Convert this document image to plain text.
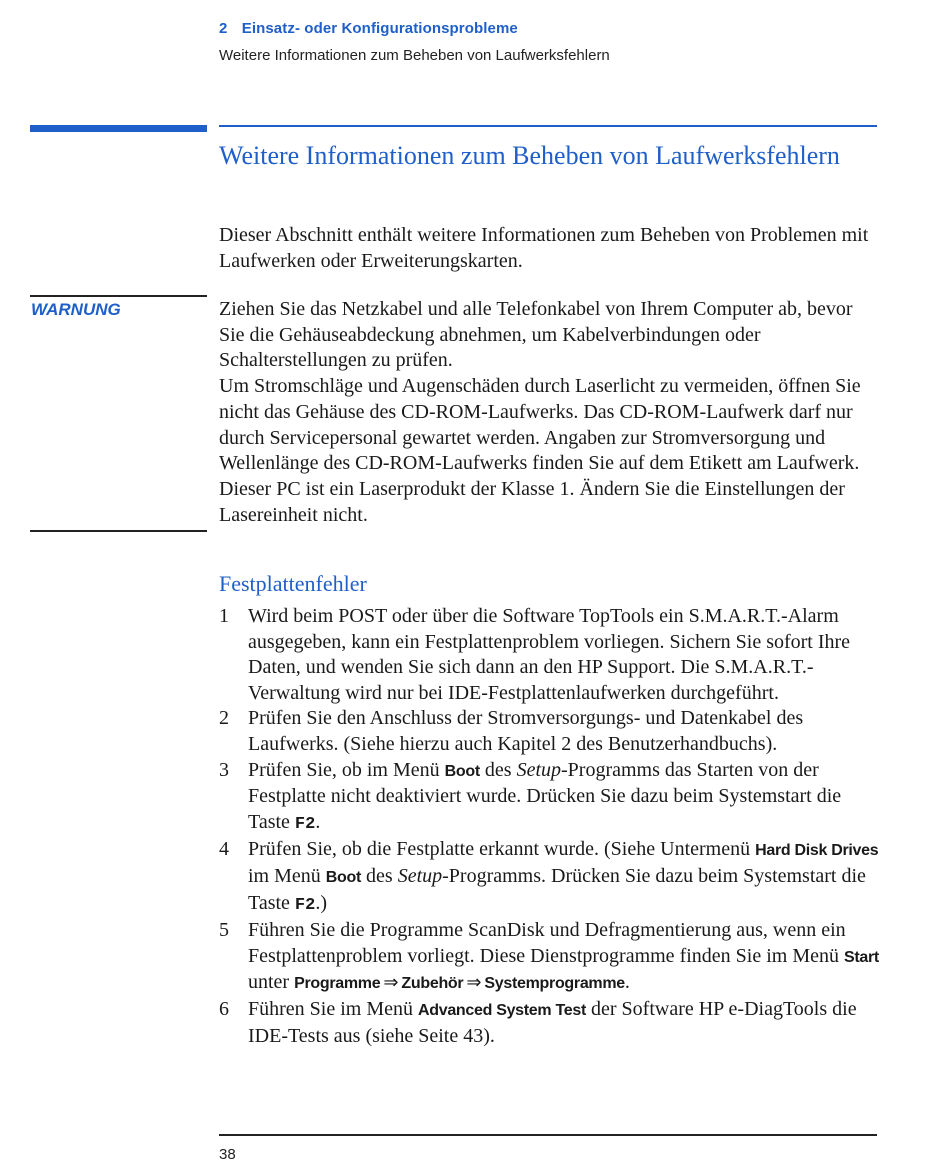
2 Einsatz- oder Konfigurationsprobleme
Weitere Informationen zum Beheben von Laufwerksfehlern
Weitere Informationen zum Beheben von Laufwerksfehlern

Dieser Abschnitt enthält weitere Informationen zum Beheben von Problemen mit Laufwerken oder Erweiterungskarten.

WARNUNG	Ziehen Sie das Netzkabel und alle Telefonkabel von Ihrem Computer ab, bevor Sie die Gehäuseabdeckung abnehmen, um Kabelverbindungen oder Schalterstellungen zu prüfen.

Um Stromschläge und Augenschäden durch Laserlicht zu vermeiden, öffnen Sie nicht das Gehäuse des CD-ROM-Laufwerks. Das CD-ROM-Laufwerk darf nur durch Servicepersonal gewartet werden. Angaben zur Stromversorgung und Wellenlänge des CD-ROM-Laufwerks finden Sie auf dem Etikett am Laufwerk. Dieser PC ist ein Laserprodukt der Klasse 1. Ändern Sie die Einstellungen der Lasereinheit nicht.

Festplattenfehler
1 Wird beim POST oder über die Software TopTools ein S.M.A.R.T.-Alarm ausgegeben, kann ein Festplattenproblem vorliegen. Sichern Sie sofort Ihre Daten, und wenden Sie sich dann an den HP Support. Die S.M.A.R.T.-Verwaltung wird nur bei IDE-Festplattenlaufwerken durchgeführt.
2 Prüfen Sie den Anschluss der Stromversorgungs- und Datenkabel des Laufwerks. (Siehe hierzu auch Kapitel 2 des Benutzerhandbuchs).
3 Prüfen Sie, ob im Menü Boot des Setup-Programms das Starten von der Festplatte nicht deaktiviert wurde. Drücken Sie dazu beim Systemstart die Taste F2.
4 Prüfen Sie, ob die Festplatte erkannt wurde. (Siehe Untermenü Hard Disk Drives im Menü Boot des Setup-Programms. Drücken Sie dazu beim Systemstart die Taste F2.)
5 Führen Sie die Programme ScanDisk und Defragmentierung aus, wenn ein Festplattenproblem vorliegt. Diese Dienstprogramme finden Sie im Menü Start unter Programme ⇒ Zubehör ⇒ Systemprogramme.
6 Führen Sie im Menü Advanced System Test der Software HP e-DiagTools die IDE-Tests aus (siehe Seite 43).
38
